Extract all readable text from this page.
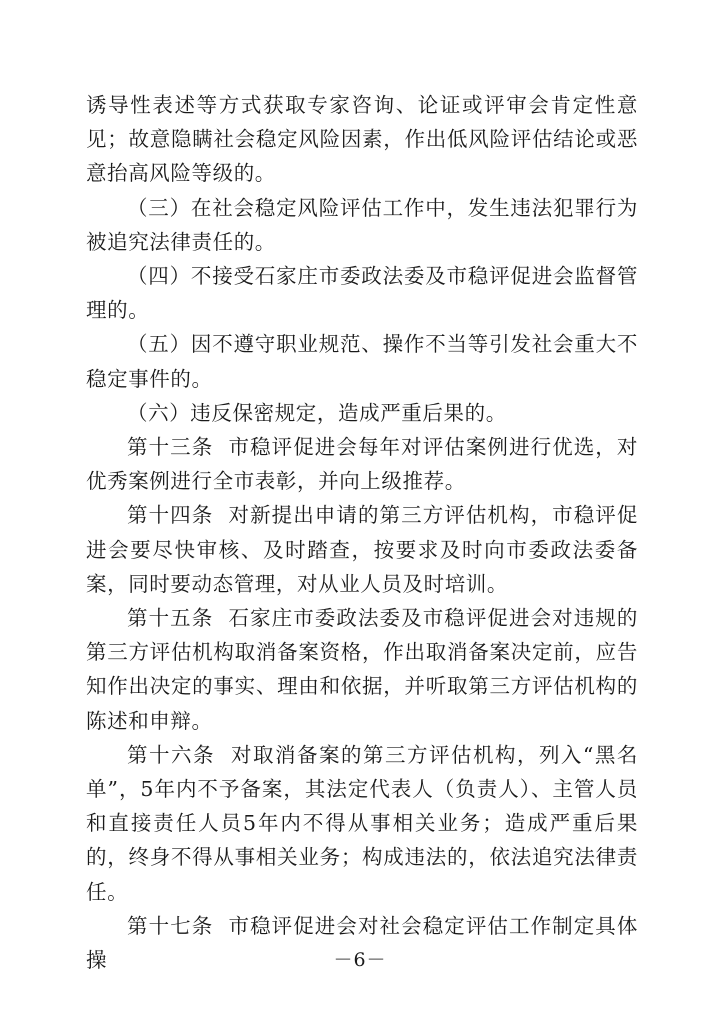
诱导性表述等方式获取专家咨询、论证或评审会肯定性意见；故意隐瞒社会稳定风险因素，作出低风险评估结论或恶意抬高风险等级的。

（三）在社会稳定风险评估工作中，发生违法犯罪行为被追究法律责任的。

（四）不接受石家庄市委政法委及市稳评促进会监督管理的。

（五）因不遵守职业规范、操作不当等引发社会重大不稳定事件的。

（六）违反保密规定，造成严重后果的。

第十三条 市稳评促进会每年对评估案例进行优选，对优秀案例进行全市表彰，并向上级推荐。

第十四条 对新提出申请的第三方评估机构，市稳评促进会要尽快审核、及时踏查，按要求及时向市委政法委备案，同时要动态管理，对从业人员及时培训。

第十五条 石家庄市委政法委及市稳评促进会对违规的第三方评估机构取消备案资格，作出取消备案决定前，应告知作出决定的事实、理由和依据，并听取第三方评估机构的陈述和申辩。

第十六条 对取消备案的第三方评估机构，列入“黑名单”，5年内不予备案，其法定代表人（负责人）、主管人员和直接责任人员5年内不得从事相关业务；造成严重后果的，终身不得从事相关业务；构成违法的，依法追究法律责任。

第十七条 市稳评促进会对社会稳定评估工作制定具体操	－6－
